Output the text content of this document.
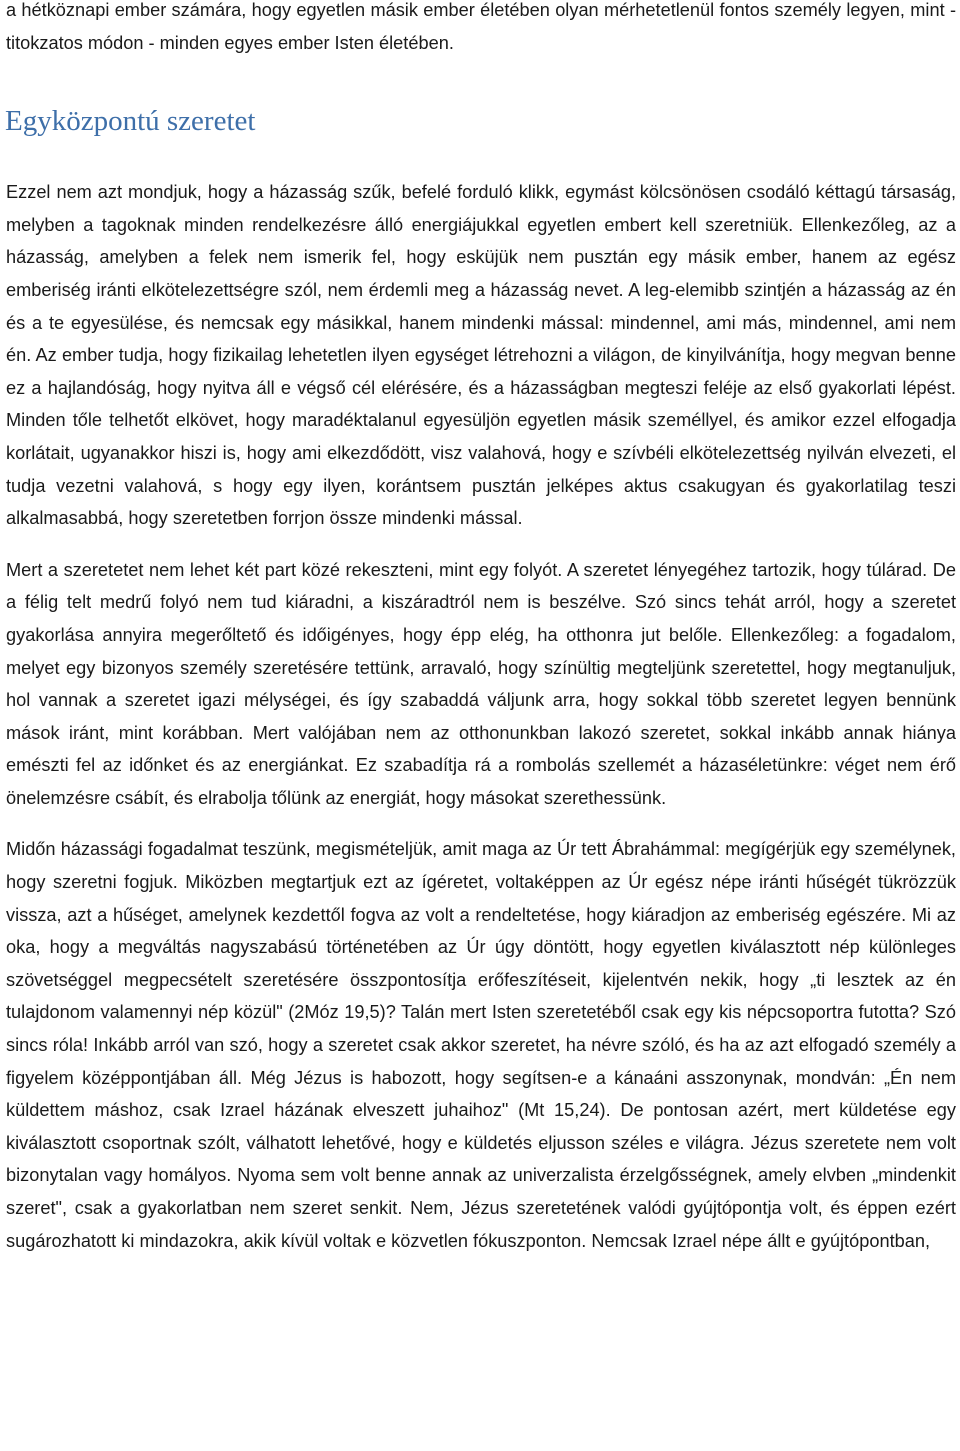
a hétköznapi ember számára, hogy egyetlen másik ember életében olyan mérhetetlenül fontos személy legyen, mint - titokzatos módon - minden egyes ember Isten életében.

Egyközpontú szeretet

Ezzel nem azt mondjuk, hogy a házasság szűk, befelé forduló klikk, egymást kölcsönösen csodáló kéttagú társaság, melyben a tagoknak minden rendelkezésre álló energiájukkal egyetlen embert kell szeretniük. Ellenkezőleg, az a házasság, amelyben a felek nem ismerik fel, hogy esküjük nem pusztán egy másik ember, hanem az egész emberiség iránti elkötelezettségre szól, nem érdemli meg a házasság nevet. A leg-elemibb szintjén a házasság az én és a te egyesülése, és nemcsak egy másikkal, hanem mindenki mással: mindennel, ami más, mindennel, ami nem én. Az ember tudja, hogy fizikailag lehetetlen ilyen egységet létrehozni a világon, de kinyilvánítja, hogy megvan benne ez a hajlandóság, hogy nyitva áll e végső cél elérésére, és a házasságban megteszi feléje az első gyakorlati lépést. Minden tőle telhetőt elkövet, hogy maradéktalanul egyesüljön egyetlen másik személlyel, és amikor ezzel elfogadja korlátait, ugyanakkor hiszi is, hogy ami elkezdődött, visz valahová, hogy e szívbéli elkötelezettség nyilván elvezeti, el tudja vezetni valahová, s hogy egy ilyen, korántsem pusztán jelképes aktus csakugyan és gyakorlatilag teszi alkalmasabbá, hogy szeretetben forrjon össze mindenki mással.

Mert a szeretetet nem lehet két part közé rekeszteni, mint egy folyót. A szeretet lényegéhez tartozik, hogy túlárad. De a félig telt medrű folyó nem tud kiáradni, a kiszáradtról nem is beszélve. Szó sincs tehát arról, hogy a szeretet gyakorlása annyira megerőltető és időigényes, hogy épp elég, ha otthonra jut belőle. Ellenkezőleg: a fogadalom, melyet egy bizonyos személy szeretésére tettünk, arravaló, hogy színültig megteljünk szeretettel, hogy megtanuljuk, hol vannak a szeretet igazi mélységei, és így szabaddá váljunk arra, hogy sokkal több szeretet legyen bennünk mások iránt, mint korábban. Mert valójában nem az otthonunkban lakozó szeretet, sokkal inkább annak hiánya emészti fel az időnket és az energiánkat. Ez szabadítja rá a rombolás szellemét a házaséletünkre: véget nem érő önelemzésre csábít, és elrabolja tőlünk az energiát, hogy másokat szerethessünk.

Midőn házassági fogadalmat teszünk, megismételjük, amit maga az Úr tett Ábrahámmal: megígérjük egy személynek, hogy szeretni fogjuk. Miközben megtartjuk ezt az ígéretet, voltaképpen az Úr egész népe iránti hűségét tükrözzük vissza, azt a hűséget, amelynek kezdettől fogva az volt a rendeltetése, hogy kiáradjon az emberiség egészére. Mi az oka, hogy a megváltás nagyszabású történetében az Úr úgy döntött, hogy egyetlen kiválasztott nép különleges szövetséggel megpecsételt szeretésére összpontosítja erőfeszítéseit, kijelentvén nekik, hogy „ti lesztek az én tulajdonom valamennyi nép közül" (2Móz 19,5)? Talán mert Isten szeretetéből csak egy kis népcsoportra futotta? Szó sincs róla! Inkább arról van szó, hogy a szeretet csak akkor szeretet, ha névre szóló, és ha az azt elfogadó személy a figyelem középpontjában áll. Még Jézus is habozott, hogy segítsen-e a kánaáni asszonynak, mondván: „Én nem küldettem máshoz, csak Izrael házának elveszett juhaihoz" (Mt 15,24). De pontosan azért, mert küldetése egy kiválasztott csoportnak szólt, válhatott lehetővé, hogy e küldetés eljusson széles e világra. Jézus szeretete nem volt bizonytalan vagy homályos. Nyoma sem volt benne annak az univerzalista érzelgősségnek, amely elvben „mindenkit szeret", csak a gyakorlatban nem szeret senkit. Nem, Jézus szeretetének valódi gyújtópontja volt, és éppen ezért sugározhatott ki mindazokra, akik kívül voltak e közvetlen fókuszponton. Nemcsak Izrael népe állt e gyújtópontban,
